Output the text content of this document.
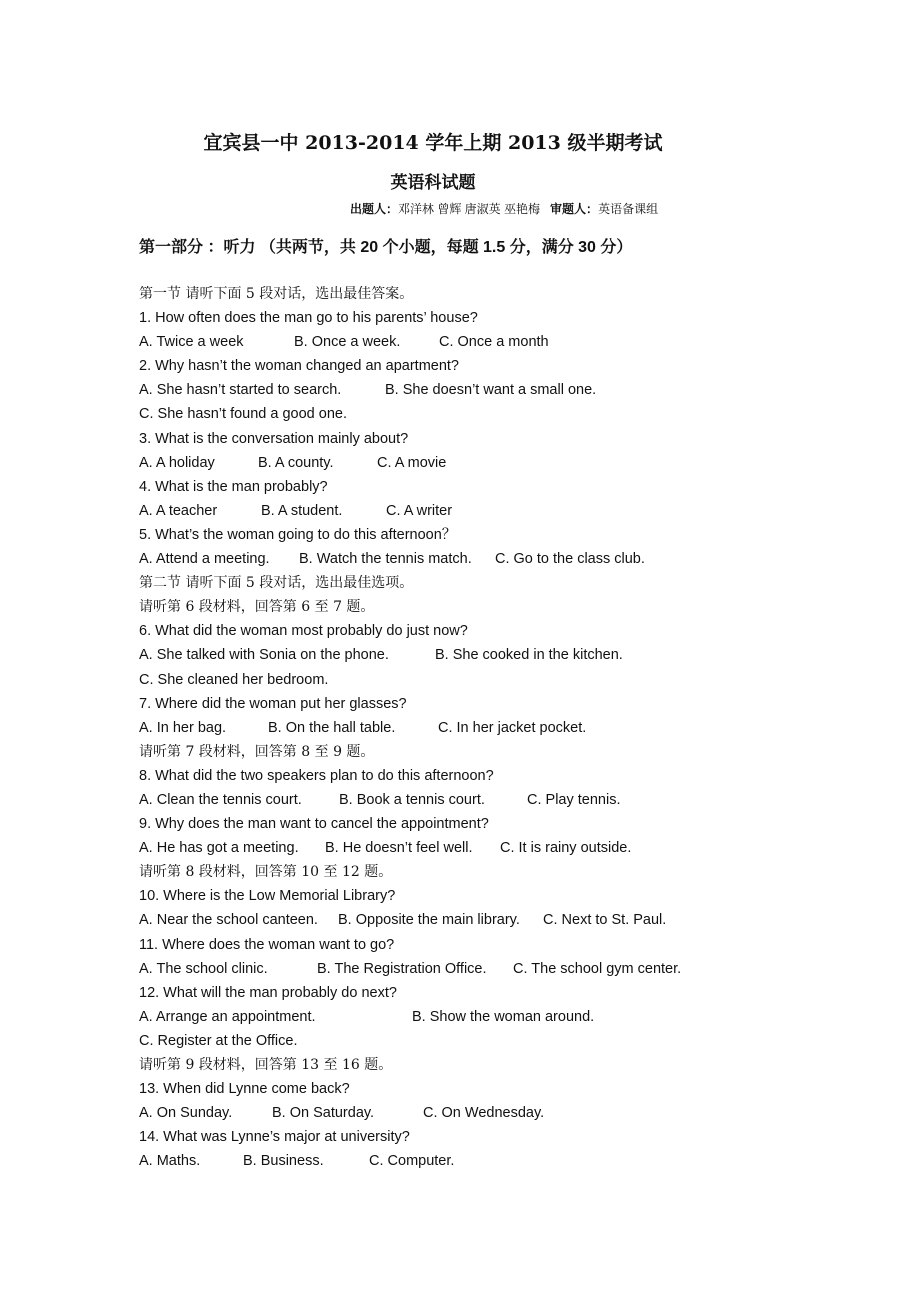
宜宾县一中 2013-2014 学年上期 2013 级半期考试
英语科试题
出题人：邓洋林 曾辉 唐淑英 巫艳梅 审题人：英语备课组
第一部分 ：听力 （共两节，共 20 个小题，每题 1.5 分，满分 30 分）
第一节 请听下面 5 段对话，选出最佳答案。
1. How often does the man go to his parents’ house?
A. Twice a week	B. Once a week.	C. Once a month
2. Why hasn’t the woman changed an apartment?
A. She hasn’t started to search.	B. She doesn’t want a small one.
C. She hasn’t found a good one.
3. What is the conversation mainly about?
A. A holiday	B. A county.	C. A movie
4. What is the man probably?
A. A teacher	B. A student.	C. A writer
5. What’s the woman going to do this afternoon？
A. Attend a meeting. B. Watch the tennis match. C. Go to the class club.
第二节 请听下面 5 段对话，选出最佳选项。
请听第 6 段材料，回答第 6 至 7 题。
6. What did the woman most probably do just now?
A. She talked with Sonia on the phone.	B. She cooked in the kitchen.
C. She cleaned her bedroom.
7. Where did the woman put her glasses?
A. In her bag.	B. On the hall table.	C. In her jacket pocket.
请听第 7 段材料，回答第 8 至 9 题。
8. What did the two speakers plan to do this afternoon?
A. Clean the tennis court.	B. Book a tennis court.	C. Play tennis.
9. Why does the man want to cancel the appointment?
A. He has got a meeting. B. He doesn’t feel well. C. It is rainy outside.
请听第 8 段材料，回答第 10 至 12 题。
10. Where is the Low Memorial Library?
A. Near the school canteen. B. Opposite the main library. C. Next to St. Paul.
11. Where does the woman want to go?
A. The school clinic.	B. The Registration Office. C. The school gym center.
12. What will the man probably do next?
A. Arrange an appointment.	B. Show the woman around.
C. Register at the Office.
请听第 9 段材料，回答第 13 至 16 题。
13. When did Lynne come back?
A. On Sunday.	B. On Saturday.	C. On Wednesday.
14. What was Lynne’s major at university?
A. Maths.	B. Business.	C. Computer.
